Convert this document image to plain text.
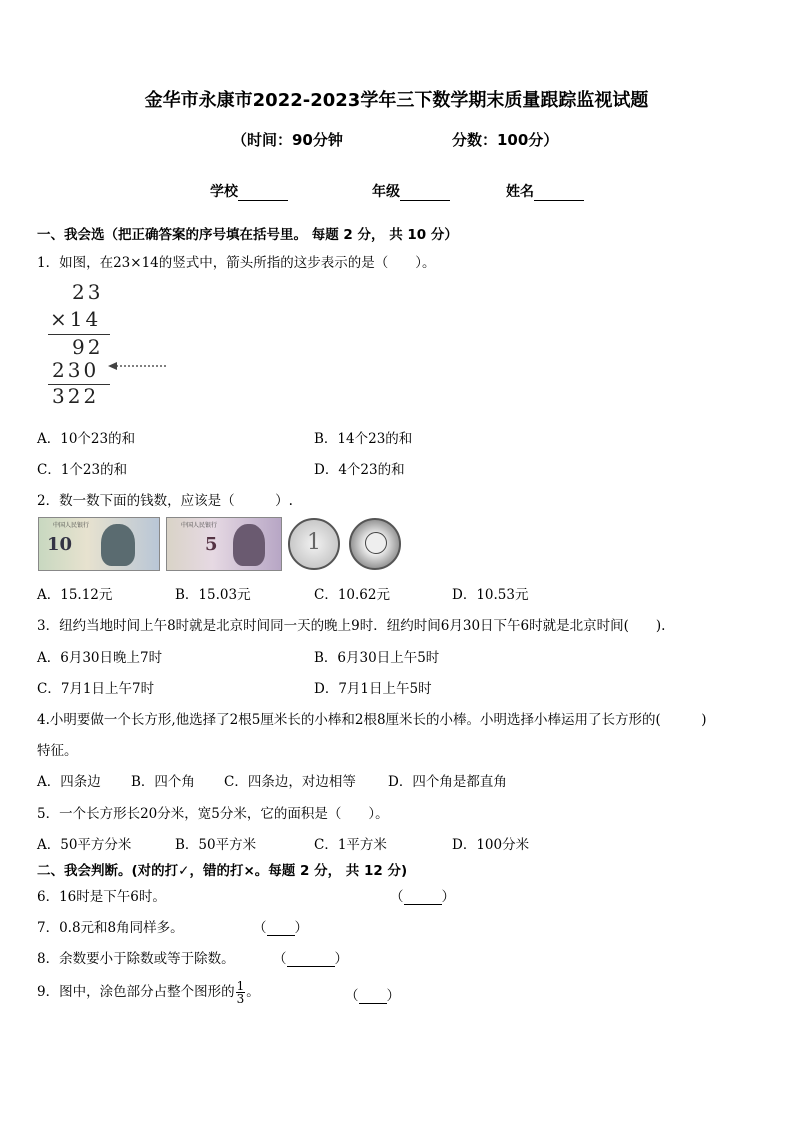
金华市永康市2022-2023学年三下数学期末质量跟踪监视试题
（时间：90分钟	分数：100分）
学校	年级	姓名
一、我会选（把正确答案的序号填在括号里。 每题 2 分， 共 10 分）
1．如图，在23×14的竖式中，箭头所指的这步表示的是（　　）。
23
×14
92
230
322
A．10个23的和	B．14个23的和
C．1个23的和	D．4个23的和
2．数一数下面的钱数，应该是（　　　）.
中国人民银行
10
中国人民银行
5	1
A．15.12元	B．15.03元	C．10.62元	D．10.53元
3．纽约当地时间上午8时就是北京时间同一天的晚上9时．纽约时间6月30日下午6时就是北京时间(　　).
A．6月30日晚上7时	B．6月30日上午5时
C．7月1日上午7时	D．7月1日上午5时
4.小明要做一个长方形,他选择了2根5厘米长的小棒和2根8厘米长的小棒。小明选择小棒运用了长方形的(　　　)
特征。
A．四条边 B．四个角 C．四条边，对边相等 D．四个角是都直角
5．一个长方形长20分米，宽5分米，它的面积是（　　）。
A．50平方分米	B．50平方米	C．1平方米	D．100分米
二、我会判断。(对的打✓，错的打×。每题 2 分， 共 12 分)
6．16时是下午6时。	（	）
7．0.8元和8角同样多。	（ ）
8．余数要小于除数或等于除数。	（	）
9．图中，涂色部分占整个图形的 $\frac{1}{3}$ 。	（ ）
